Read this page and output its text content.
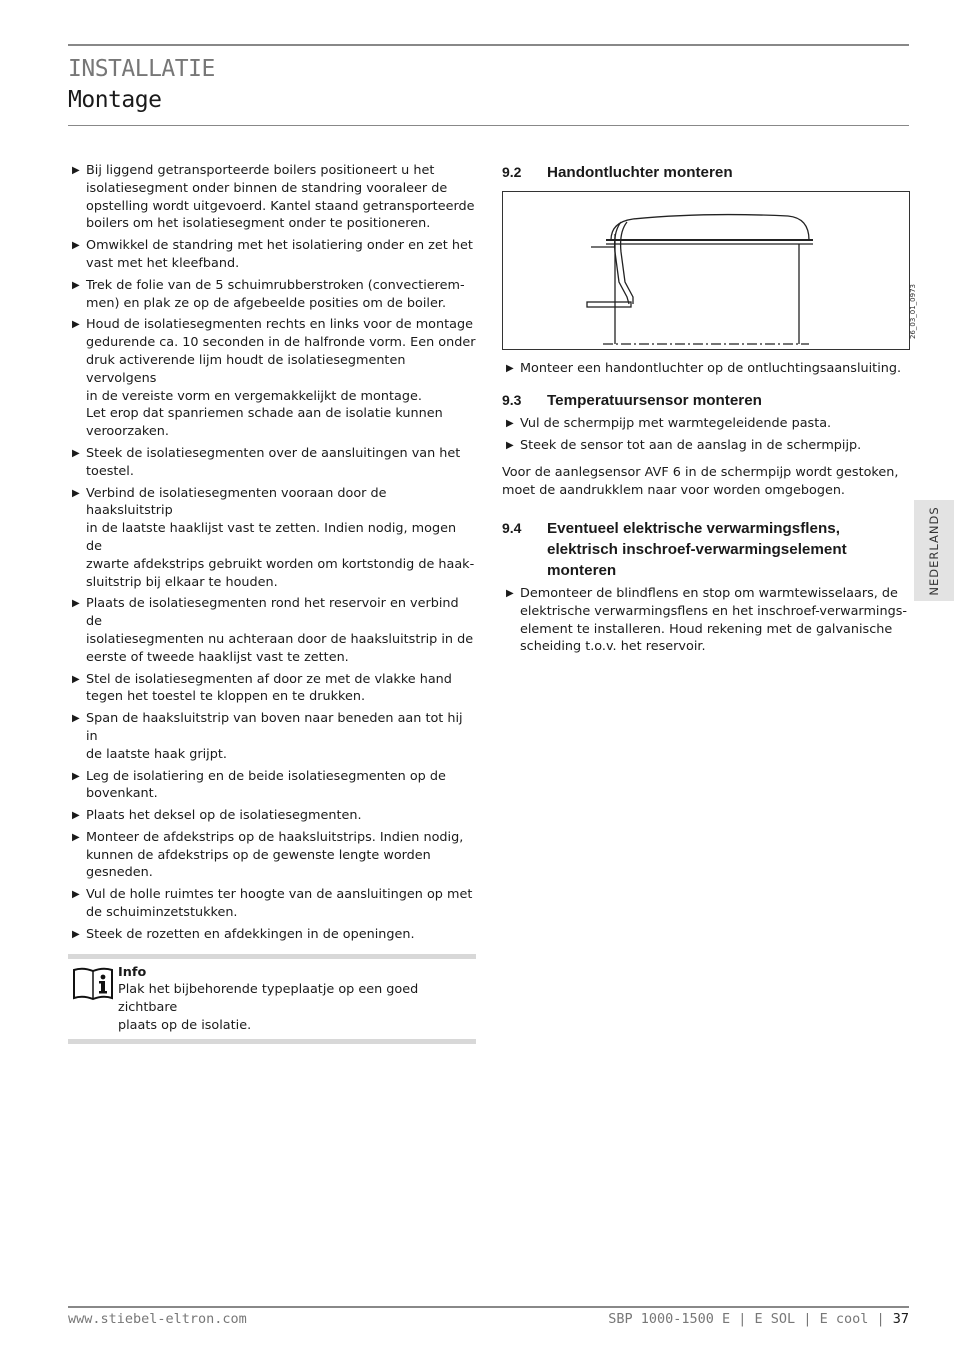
INSTALLATIE
Montage
▶ Bij liggend getransporteerde boilers positioneert u het
isolatiesegment onder binnen de standring vooraleer de
opstelling wordt uitgevoerd. Kantel staand getransporteerde
boilers om het isolatiesegment onder te positioneren.
▶ Omwikkel de standring met het isolatiering onder en zet het
vast met het kleefband.
▶ Trek de folie van de 5 schuimrubberstroken (convectierem-
men) en plak ze op de afgebeelde posities om de boiler.
▶ Houd de isolatiesegmenten rechts en links voor de montage
gedurende ca. 10 seconden in de halfronde vorm. Een onder
druk activerende lijm houdt de isolatiesegmenten vervolgens
in de vereiste vorm en vergemakkelijkt de montage.
Let erop dat spanriemen schade aan de isolatie kunnen
veroorzaken.
▶ Steek de isolatiesegmenten over de aansluitingen van het
toestel.
▶ Verbind de isolatiesegmenten vooraan door de haaksluitstrip
in de laatste haaklijst vast te zetten. Indien nodig, mogen de
zwarte afdekstrips gebruikt worden om kortstondig de haak-
sluitstrip bij elkaar te houden.
▶ Plaats de isolatiesegmenten rond het reservoir en verbind de
isolatiesegmenten nu achteraan door de haaksluitstrip in de
eerste of tweede haaklijst vast te zetten.
▶ Stel de isolatiesegmenten af door ze met de vlakke hand
tegen het toestel te kloppen en te drukken.
▶ Span de haaksluitstrip van boven naar beneden aan tot hij in
de laatste haak grijpt.
▶ Leg de isolatiering en de beide isolatiesegmenten op de
bovenkant.
▶ Plaats het deksel op de isolatiesegmenten.
▶ Monteer de afdekstrips op de haaksluitstrips. Indien nodig,
kunnen de afdekstrips op de gewenste lengte worden
gesneden.
▶ Vul de holle ruimtes ter hoogte van de aansluitingen op met
de schuiminzetstukken.
▶ Steek de rozetten en afdekkingen in de openingen.
Info
Plak het bijbehorende typeplaatje op een goed zichtbare
plaats op de isolatie.
9.2	Handontluchter monteren
26_03_01_0973
▶ Monteer een handontluchter op de ontluchtingsaansluiting.
9.3	Temperatuursensor monteren
▶ Vul de schermpijp met warmtegeleidende pasta.
▶ Steek de sensor tot aan de aanslag in de schermpijp.
Voor de aanlegsensor AVF 6 in de schermpijp wordt gestoken,
moet de aandrukklem naar voor worden omgebogen.
9.4	Eventueel elektrische verwarmingsflens,
elektrisch inschroef-verwarmingselement
monteren
▶ Demonteer de blindflens en stop om warmtewisselaars, de
elektrische verwarmingsflens en het inschroef-verwarmings-
element te installeren. Houd rekening met de galvanische
scheiding t.o.v. het reservoir.
NEDERLANDS
www.stiebel-eltron.com	SBP 1000-1500 E | E SOL | E cool | 37
